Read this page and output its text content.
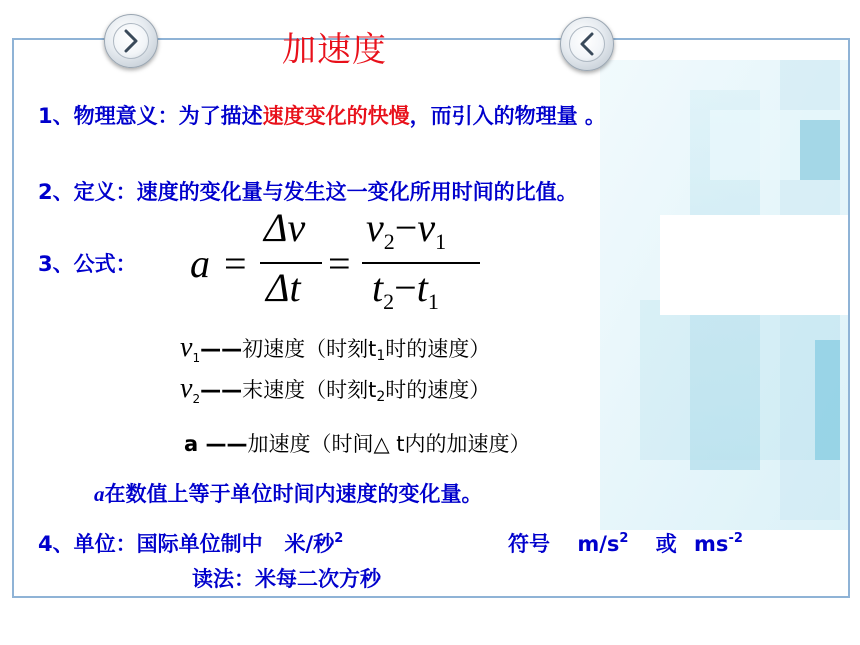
加速度
1、物理意义：为了描述速度变化的快慢，而引入的物理量 。
2、定义：速度的变化量与发生这一变化所用时间的比值。
3、公式： a =
Δv
Δt
=
$v_2-v_1$
$t_2-t_1$
$v_1——$初速度（时刻$t_1$时的速度）
$v_2——$末速度（时刻$t_2$时的速度）
a ——加速度（时间△ t内的加速度）
a在数值上等于单位时间内速度的变化量。
4、单位：国际单位制中   米/秒$^2$	符号 $m/s^2$ 或 $ms^{-2}$
读法：米每二次方秒
